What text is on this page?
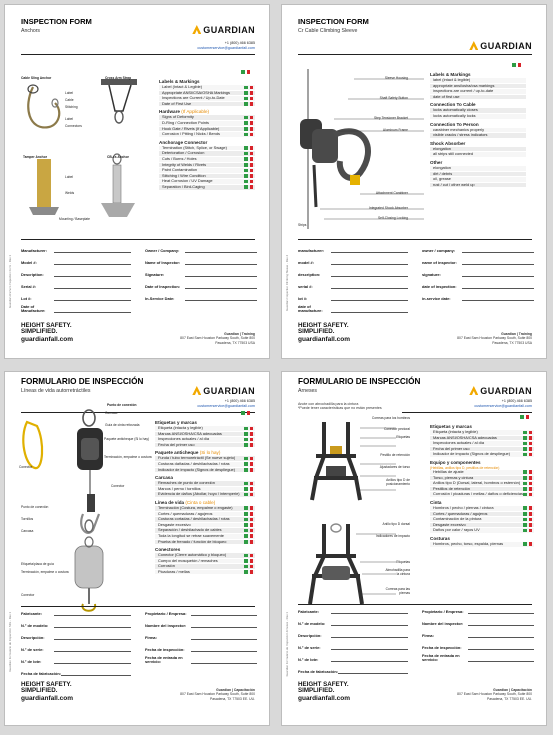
INSPECTION FORM
Anchors	GUARDIAN
+1 (800) 466 6385
customerservice@guardianfall.com
Cable Sling Anchor	Cross Arm Strap
Label
Cable
Stitching
Label
Connectors
Tamper Anchor	CB-cs Anchor
Label
Welds
Mounting / Baseplate
Labels & Markings
Label (Intact & Legible)
Appropriate ANSI/CSA/OSHA Markings
Inspections are Current / Up-to-Date
Date of First Use
Hardware (If Applicable)
Signs of Deformity
D-Ring / Connection Points
Hook Gate / Rivets (If Applicable)
Corrosion / Pitting / Nicks / Bends
Anchorage Connector
Termination (Stitch, Splice, or Swage)
Deterioration / Corrosion
Cuts / Burns / Holes
Integrity of Welds / Rivets
Paint Contamination
Stitching / Wire Condition
Heat Corrosion / UV Damage
Separation / Bird-Caging
Manufacturer:
Model #:
Description:
Serial #:
Lot #:
Date of Manufacture:
Owner / Company:
Name of Inspector:
Signature:
Date of Inspection:
In-Service Date:
HEIGHT SAFETY.
SIMPLIFIED.
guardianfall.com
Guardian | Training
807 East Sam Houston Parkway South, Suite 800
Pasadena, TX 77503 USA
Guardian Anchors Inspection Form - Rev 1
INSPECTION FORM
Cr Cable Climbing Sleeve
GUARDIAN
Sleeve Housing
Shaft Safety Button
Step Tensioner Bracket
Aluminum Frame
Attachment Carabiner
Integrated Shock Absorber
Self-Closing Locking
Strips
Labels & Markings
label (intact & legible)
appropriate ansi/osha/csa markings
inspections are current / up-to-date
date of first use
Connection To Cable
locks automatically closes
locks automatically locks
Connection To Person
carabiner mechanics properly
visible cracks / stress indicators
Shock Absorber
elongation
all strips still connected
Other
elongation
dirt / debris
oil, grease
rust / cut / other weld up
manufacturer:
model #:
description:
serial #:
lot #:
date of manufacture:
owner / company:
name of inspector:
signature:
date of inspection:
in-service date:
HEIGHT SAFETY.
SIMPLIFIED.
guardianfall.com
Guardian | Training
807 East Sam Houston Parkway South, Suite 800
Pasadena, TX 77503 USA
Guardian Inspection Climbing Sleeve - Rev 4
FORMULARIO DE INSPECCIÓN
Líneas de vida autorretráctiles	GUARDIAN
+1 (800) 466 6385
customerservice@guardianfall.com
Punto de conexión
Carcasa
Guía de cinta reforzada
Paquete anticheque (Si lo hay)
Terminación, empalme o costura
Conector
Conector
Punto de conexión
Tornillos
Carcasa
Etiqueta/placa de guía
Terminación, empalme o costura
Conector
Etiquetas y marcas
Etiqueta (intacta y legible)
Marcas ANSI/OSHA/CSA adecuadas
Inspecciones actuales / al día
Fecha del primer uso
Paquete anticheque (Si lo hay)
Funda / tubo termoretráctil (Se nueve sujeto)
Costuras dañadas / deshilachadas / rotas
Indicador de impacto (Signos de despliegue)
Carcasa
Remaches de punto de conexión
Marcos / perno / tornillos
Evidencia de daños (Abollar, hoyo / intemperie)
Línea de vida (Cinta o cable)
Terminación (Costura, empalme o engaste)
Cortes / quemaduras / agujeros
Costuras cortadas / deshilachadas / rotas
Desgaste excesivo
Separación / deshilachado de cables
Toda la longitud se retrae suavemente
Prueba de frenado / función de bloqueo
Conectores
Conector (Cierre automático y bloqueo)
Cuerpo del mosquetón / remaches
Corrosión
Picaduras / mellas
Fabricante:
N.° de modelo:
Descripción:
N.° de serie:
N.° de lote:
Fecha de fabricación:
Propietario / Empresa:
Nombre del inspector:
Firma:
Fecha de inspección:
Fecha de entrada en servicio:
HEIGHT SAFETY.
SIMPLIFIED.
guardianfall.com
Guardian | Capacitación
807 East Sam Houston Parkway South, Suite 800
Pasadena, TX 77503 EE. UU.
Guardian Formulario de Inspección SRL - Rev 1
FORMULARIO DE INSPECCIÓN
Arneses	GUARDIAN
+1 (800) 466 6385
customerservice@guardianfall.com
Anote con abrochadilla para la cintura
*Puede tener características que no están presentes
Correas para los hombros
Conector pectoral
Etiquetas
Pestillo de retención
Ajustadores de torso
Anillos tipo D de posicionamiento
Anillo tipo D dorsal
Indicadores de impacto
Etiquetas
Almohadilla para la cintura
Correas para las piernas
Etiquetas y marcas
Etiqueta (intacta y legible)
Marcas ANSI/OSHA/CSA adecuadas
Inspecciones actuales / al día
Fecha del primer uso
Indicador de impacto (Signos de despliegue)
Equipo y componentes
(Hebillas, anillos tipo D, pestillos de retención)
Hebillas de ajuste
Torso, piernas y cintura
Anillos tipo D (Dorsal, lateral, hombros o esternón)
Pestillos de retención
Corrosión / picaduras / mellas / daños o deficiencias
Cinta
Hombros / pecho / piernas / cintura
Cortes / quemaduras / agujeros
Contaminación de la pintura
Desgaste excesivo
Daños por calor / rayos UV
Costuras
Hombros, pecho, torso, espalda, piernas
Fabricante:
N.° de modelo:
Descripción:
N.° de serie:
N.° de lote:
Fecha de fabricación:
Propietario / Empresa:
Nombre del inspector:
Firma:
Fecha de inspección:
Fecha de entrada en servicio:
HEIGHT SAFETY.
SIMPLIFIED.
guardianfall.com
Guardian | Capacitación
807 East Sam Houston Parkway South, Suite 800
Pasadena, TX 77503 EE. UU.
Guardian Formulario de Inspección Arneses - Rev 1
